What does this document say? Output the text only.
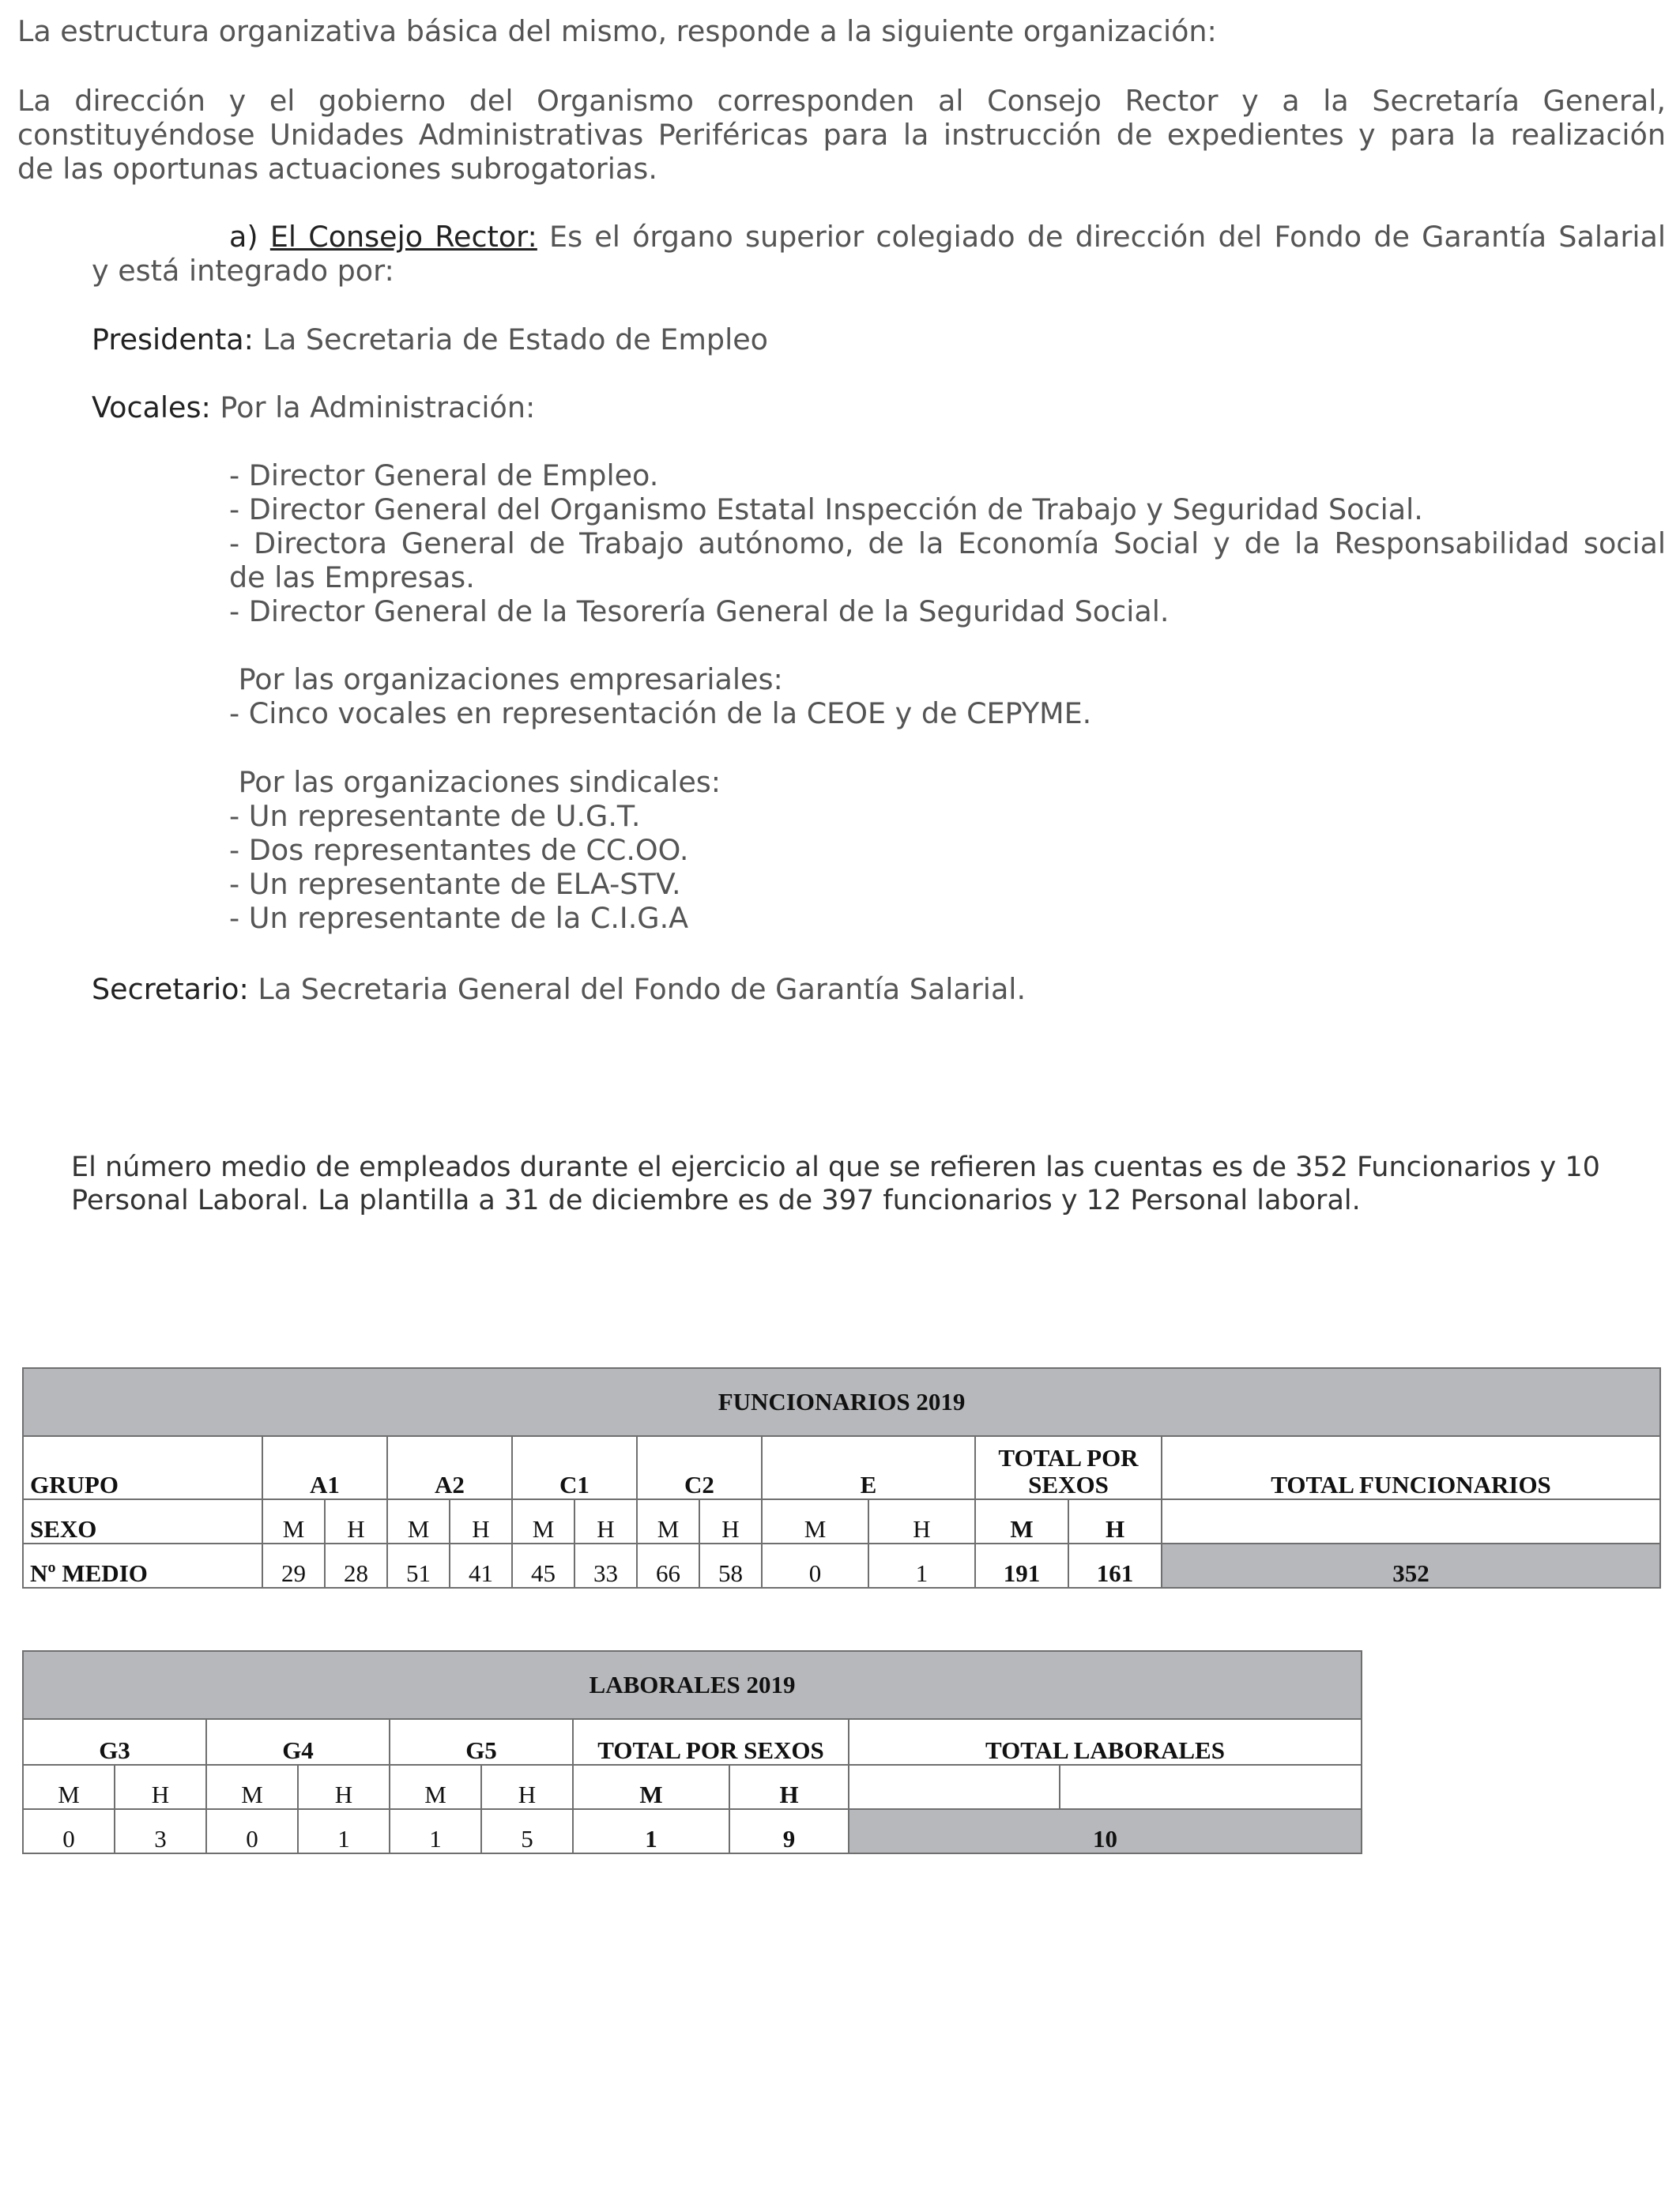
La estructura organizativa básica del mismo, responde a la siguiente organización:

La dirección y el gobierno del Organismo corresponden al Consejo Rector y a la Secretaría General,
constituyéndose Unidades Administrativas Periféricas para la instrucción de expedientes y para la realización
de las oportunas actuaciones subrogatorias.
a) El Consejo Rector: Es el órgano superior colegiado de dirección del Fondo de Garantía Salarial
y está integrado por:

Presidenta: La Secretaria de Estado de Empleo

Vocales: Por la Administración:

- Director General de Empleo.
- Director General del Organismo Estatal Inspección de Trabajo y Seguridad Social.
- Directora General de Trabajo autónomo, de la Economía Social y de la Responsabilidad social
de las Empresas.
- Director General de la Tesorería General de la Seguridad Social.
Por las organizaciones empresariales:
- Cinco vocales en representación de la CEOE y de CEPYME.
Por las organizaciones sindicales:
- Un representante de U.G.T.
- Dos representantes de CC.OO.
- Un representante de ELA-STV.
- Un representante de la C.I.G.A

Secretario: La Secretaria General del Fondo de Garantía Salarial.

El número medio de empleados durante el ejercicio al que se refieren las cuentas es de 352 Funcionarios y 10
Personal Laboral. La plantilla a 31 de diciembre es de 397 funcionarios y 12 Personal laboral.
FUNCIONARIOS 2019													
GRUPO	A1		A2		C1		C2		E		TOTAL POR SEXOS		TOTAL FUNCIONARIOS
SEXO	M	H	M	H	M	H	M	H	M	H	M	H	
Nº MEDIO	29	28	51	41	45	33	66	58	0	1	191	161	352
LABORALES 2019									
G3		G4		G5		TOTAL POR SEXOS		TOTAL LABORALES	
M	H	M	H	M	H	M	H		
0	3	0	1	1	5	1	9	10	
